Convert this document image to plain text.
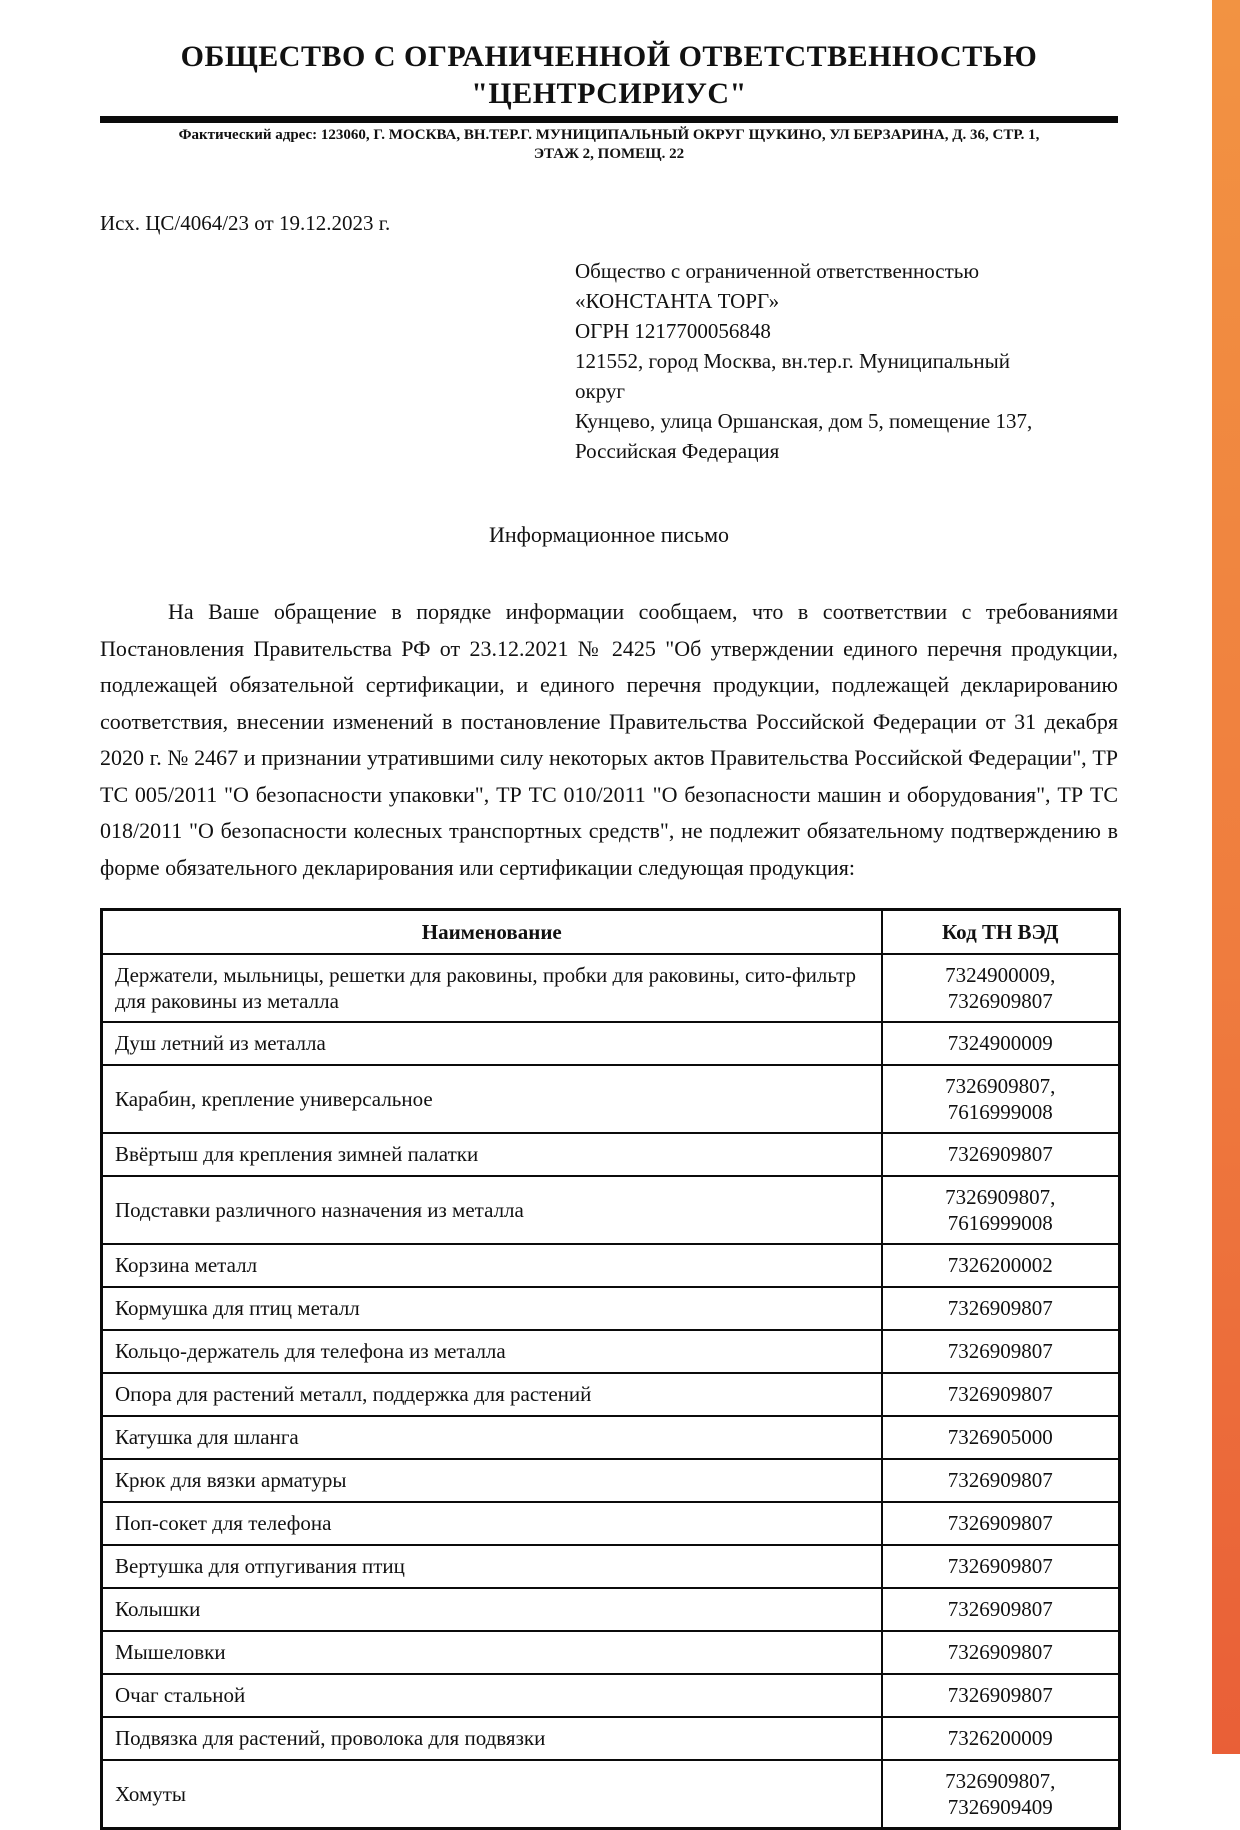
ОБЩЕСТВО С ОГРАНИЧЕННОЙ ОТВЕТСТВЕННОСТЬЮ
"ЦЕНТРСИРИУС"
Фактический адрес: 123060, Г. МОСКВА, ВН.ТЕР.Г. МУНИЦИПАЛЬНЫЙ ОКРУГ ЩУКИНО, УЛ БЕРЗАРИНА, Д. 36, СТР. 1,
ЭТАЖ 2, ПОМЕЩ. 22
Исх. ЦС/4064/23 от 19.12.2023 г.
Общество с ограниченной ответственностью
«КОНСТАНТА ТОРГ»
ОГРН 1217700056848
121552, город Москва, вн.тер.г. Муниципальный округ
Кунцево, улица Оршанская, дом 5, помещение 137,
Российская Федерация
Информационное письмо

На Ваше обращение в порядке информации сообщаем, что в соответствии с требованиями Постановления Правительства РФ от 23.12.2021 № 2425 "Об утверждении единого перечня продукции, подлежащей обязательной сертификации, и единого перечня продукции, подлежащей декларированию соответствия, внесении изменений в постановление Правительства Российской Федерации от 31 декабря 2020 г. № 2467 и признании утратившими силу некоторых актов Правительства Российской Федерации", ТР ТС 005/2011 "О безопасности упаковки", ТР ТС 010/2011 "О безопасности машин и оборудования", ТР ТС 018/2011 "О безопасности колесных транспортных средств", не подлежит обязательному подтверждению в форме обязательного декларирования или сертификации следующая продукция:

Наименование	Код ТН ВЭД
Держатели, мыльницы, решетки для раковины, пробки для раковины, сито-фильтр для раковины из металла	7324900009, 7326909807
Душ летний из металла	7324900009
Карабин, крепление универсальное	7326909807, 7616999008
Ввёртыш для крепления зимней палатки	7326909807
Подставки различного назначения из металла	7326909807, 7616999008
Корзина металл	7326200002
Кормушка для птиц металл	7326909807
Кольцо-держатель для телефона из металла	7326909807
Опора для растений металл, поддержка для растений	7326909807
Катушка для шланга	7326905000
Крюк для вязки арматуры	7326909807
Поп-сокет для телефона	7326909807
Вертушка для отпугивания птиц	7326909807
Колышки	7326909807
Мышеловки	7326909807
Очаг стальной	7326909807
Подвязка для растений, проволока для подвязки	7326200009
Хомуты	7326909807, 7326909409
